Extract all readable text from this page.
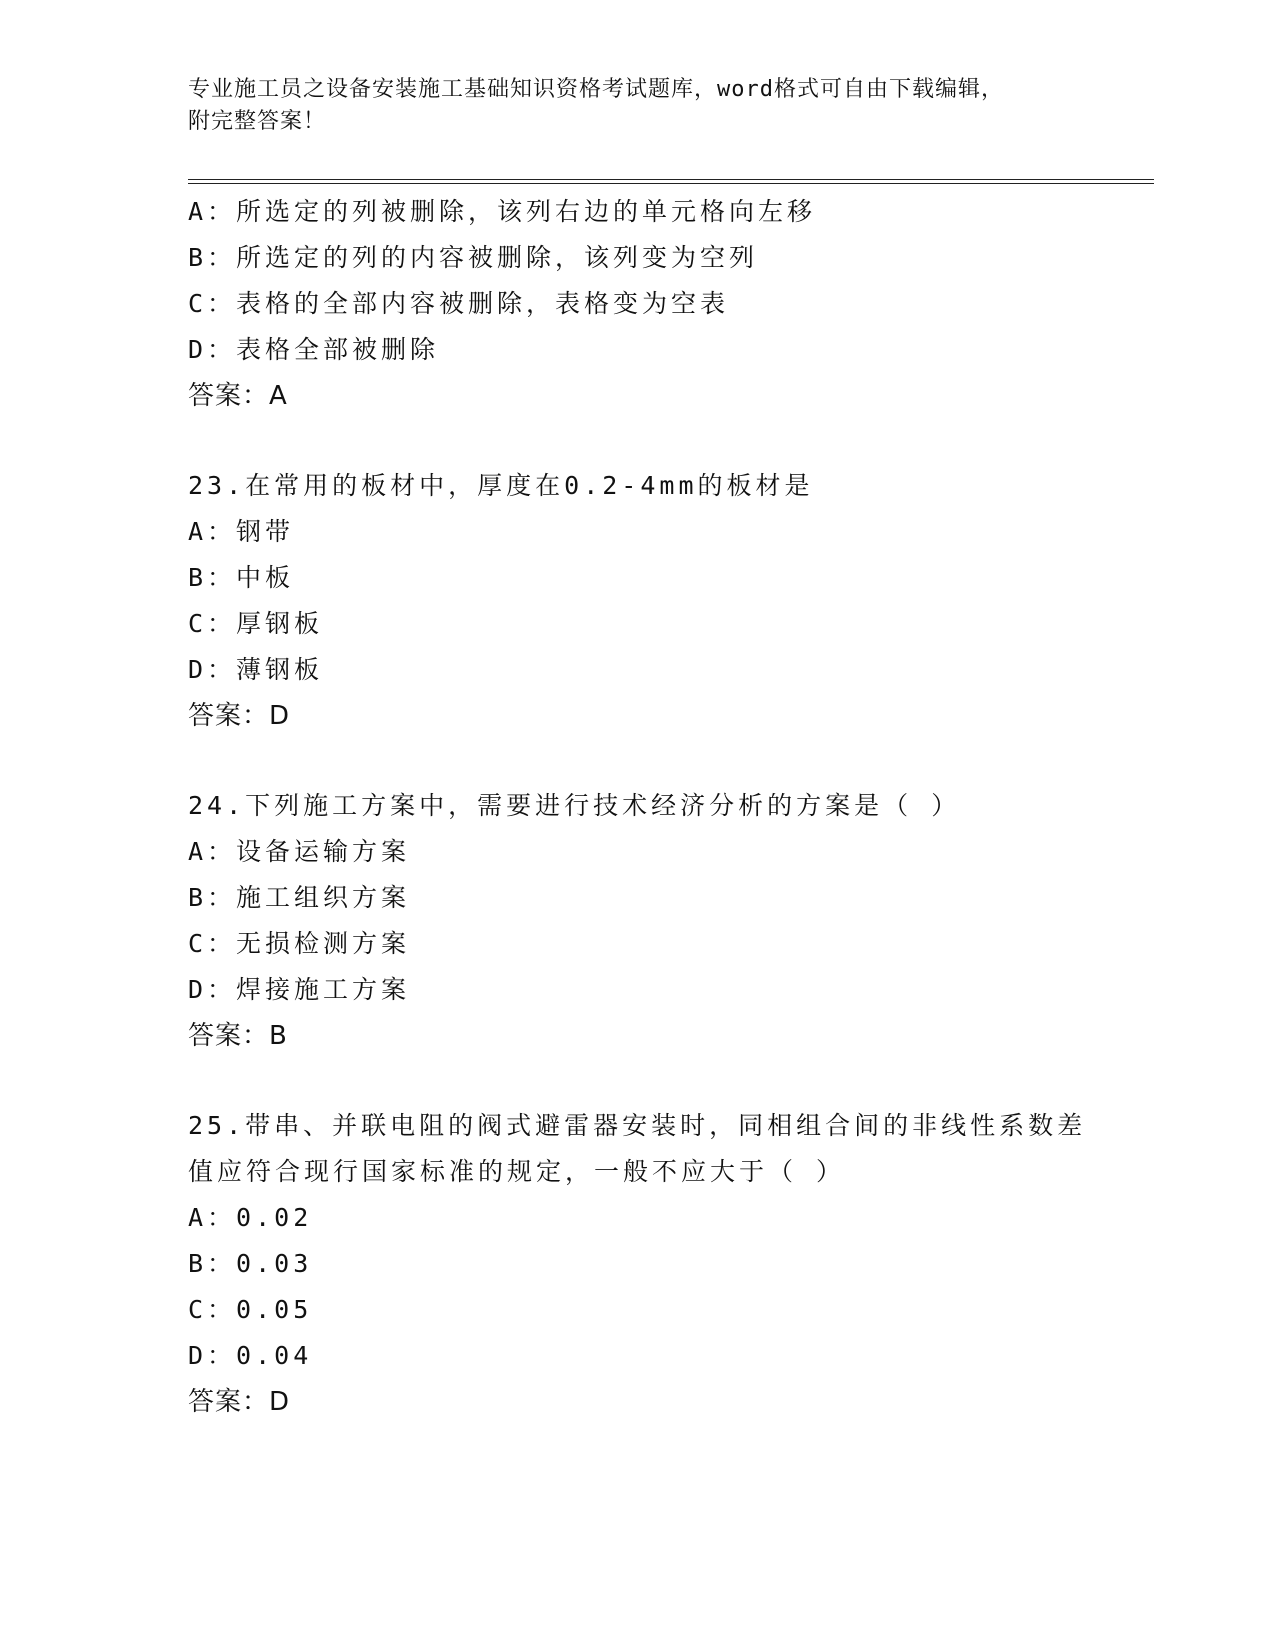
专业施工员之设备安装施工基础知识资格考试题库，word格式可自由下载编辑，
附完整答案！
A：所选定的列被删除，该列右边的单元格向左移
B：所选定的列的内容被删除，该列变为空列
C：表格的全部内容被删除，表格变为空表
D：表格全部被删除
答案：A
23.在常用的板材中，厚度在0.2-4mm的板材是
A：钢带
B：中板
C：厚钢板
D：薄钢板
答案：D
24.下列施工方案中，需要进行技术经济分析的方案是（ ）
A：设备运输方案
B：施工组织方案
C：无损检测方案
D：焊接施工方案
答案：B
25.带串、并联电阻的阀式避雷器安装时，同相组合间的非线性系数差
值应符合现行国家标准的规定，一般不应大于（ ）
A：0.02
B：0.03
C：0.05
D：0.04
答案：D
